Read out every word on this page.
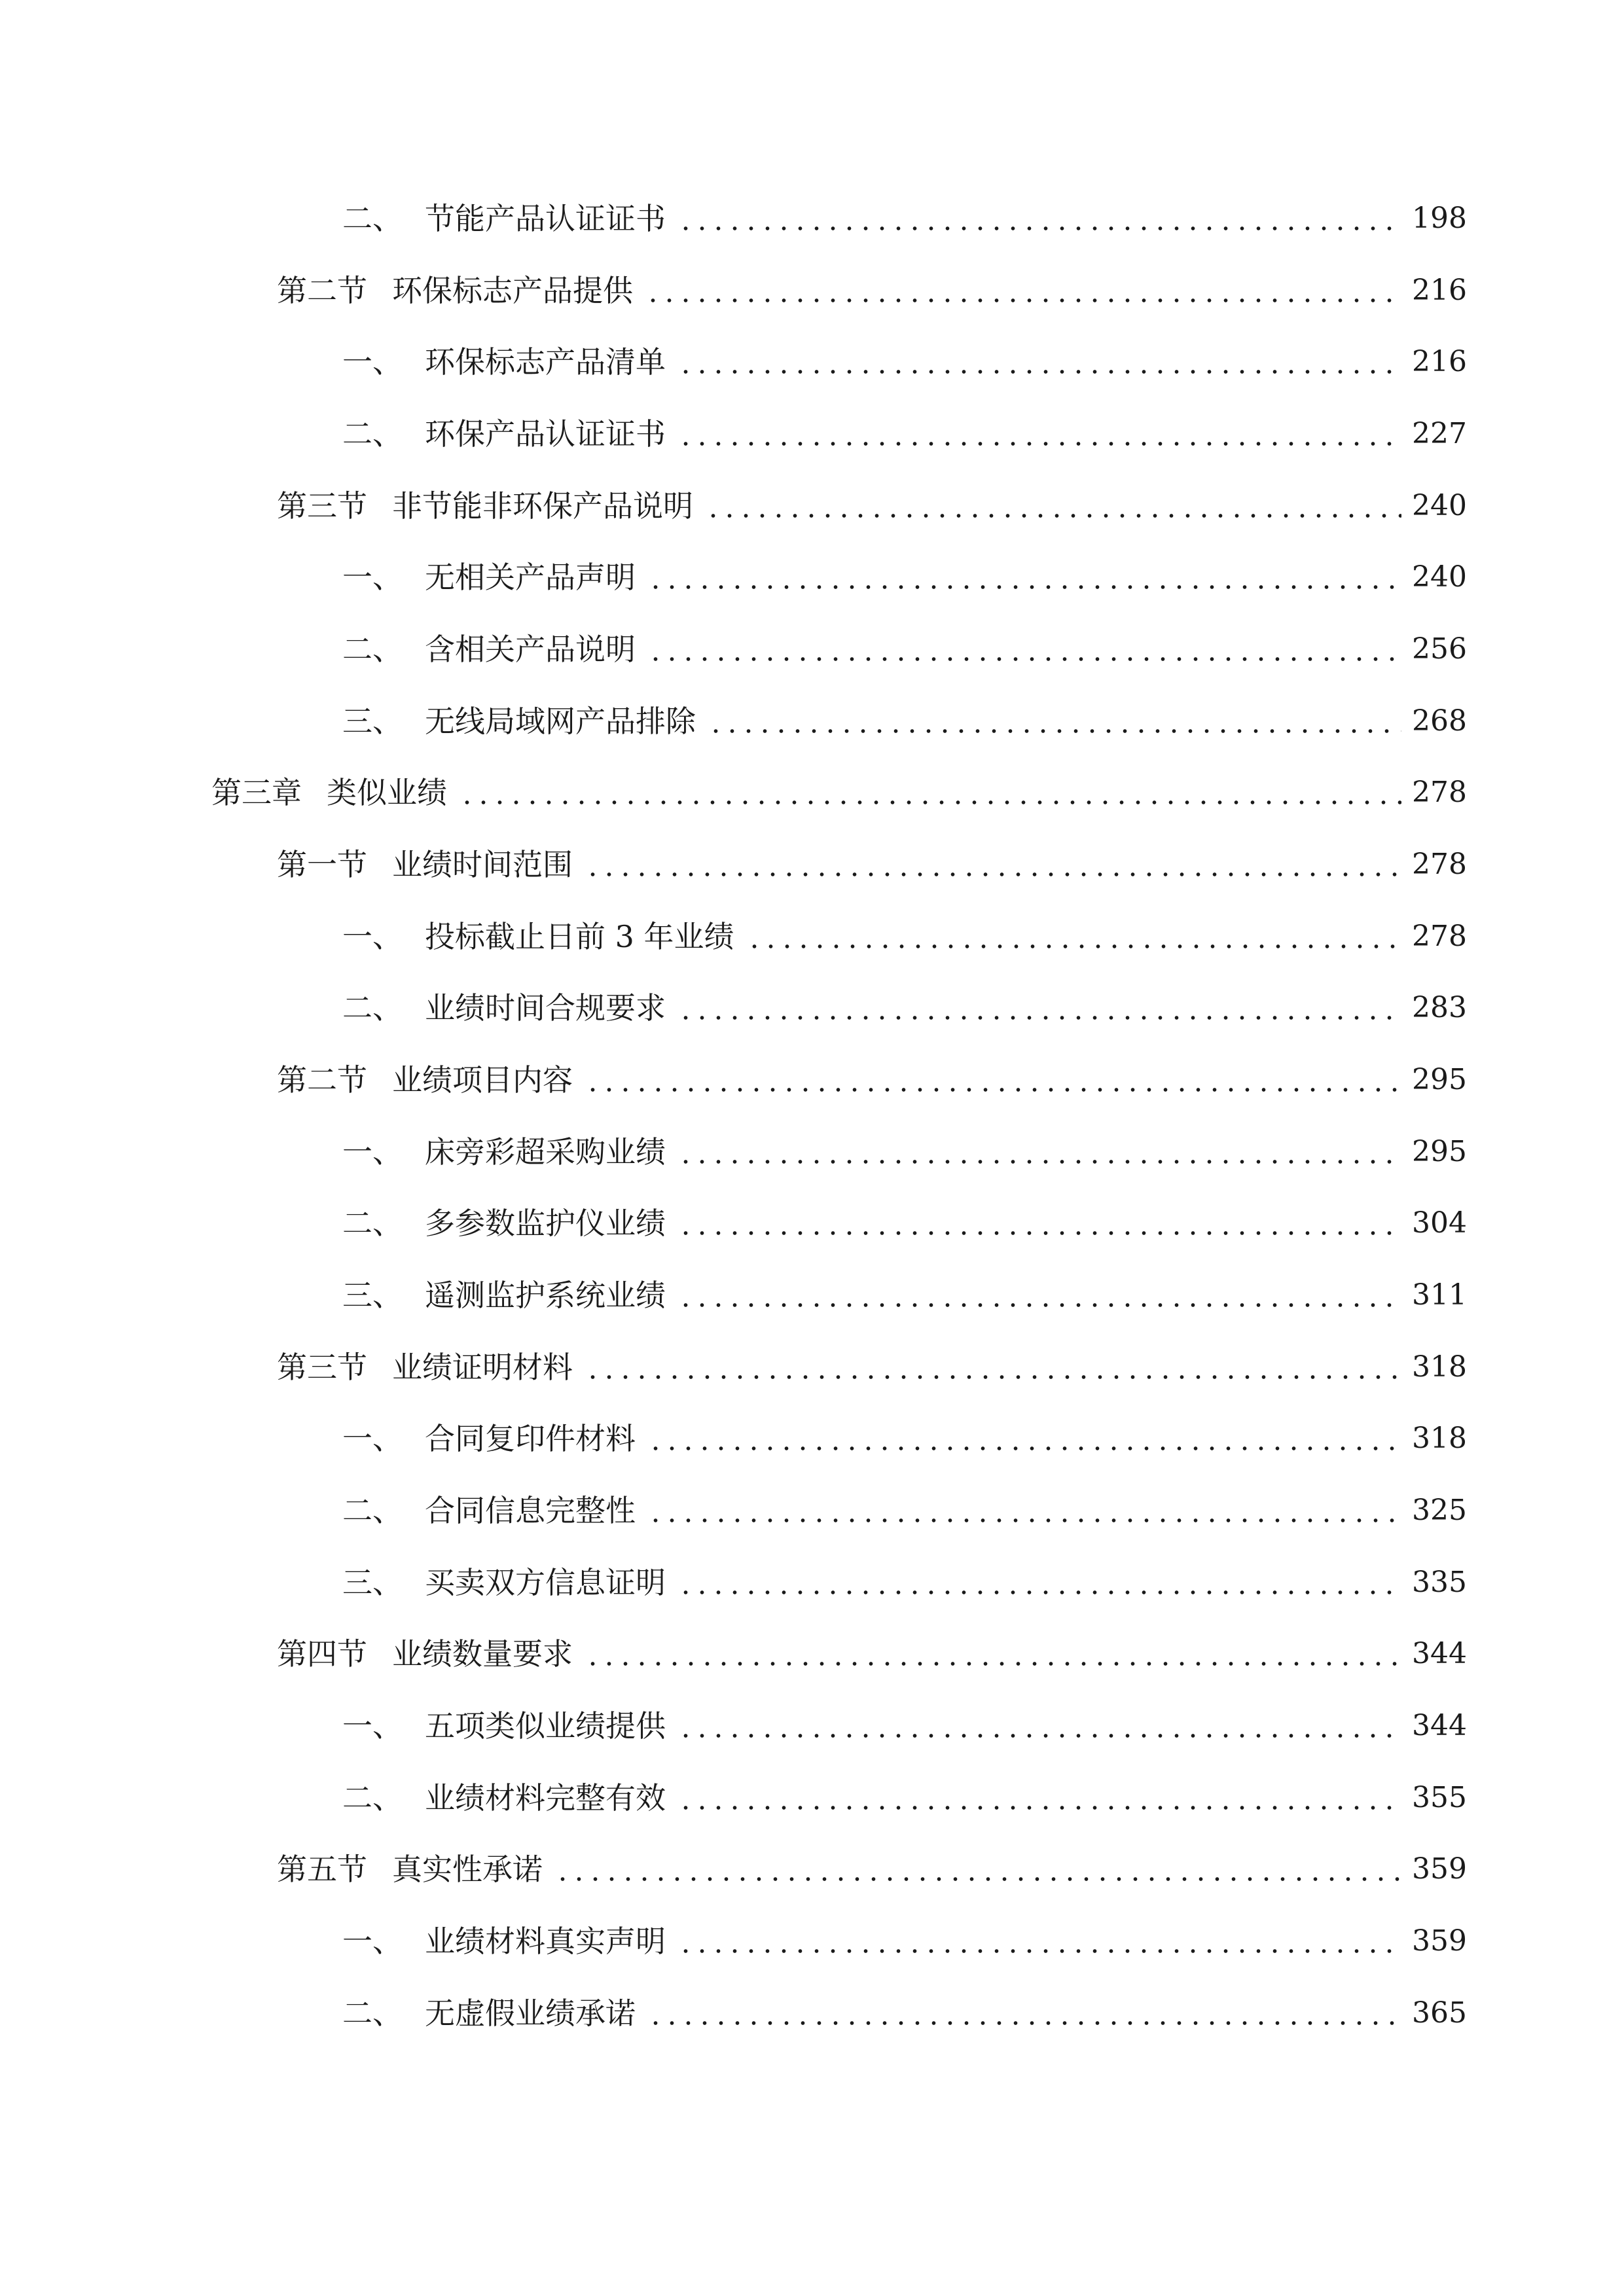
二、 节能产品认证证书	198
第二节 环保标志产品提供	216
一、 环保标志产品清单	216
二、 环保产品认证证书	227
第三节 非节能非环保产品说明	240
一、 无相关产品声明	240
二、 含相关产品说明	256
三、 无线局域网产品排除	268
第三章 类似业绩	278
第一节 业绩时间范围	278
一、 投标截止日前 3 年业绩	278
二、 业绩时间合规要求	283
第二节 业绩项目内容	295
一、 床旁彩超采购业绩	295
二、 多参数监护仪业绩	304
三、 遥测监护系统业绩	311
第三节 业绩证明材料	318
一、 合同复印件材料	318
二、 合同信息完整性	325
三、 买卖双方信息证明	335
第四节 业绩数量要求	344
一、 五项类似业绩提供	344
二、 业绩材料完整有效	355
第五节 真实性承诺	359
一、 业绩材料真实声明	359
二、 无虚假业绩承诺	365
